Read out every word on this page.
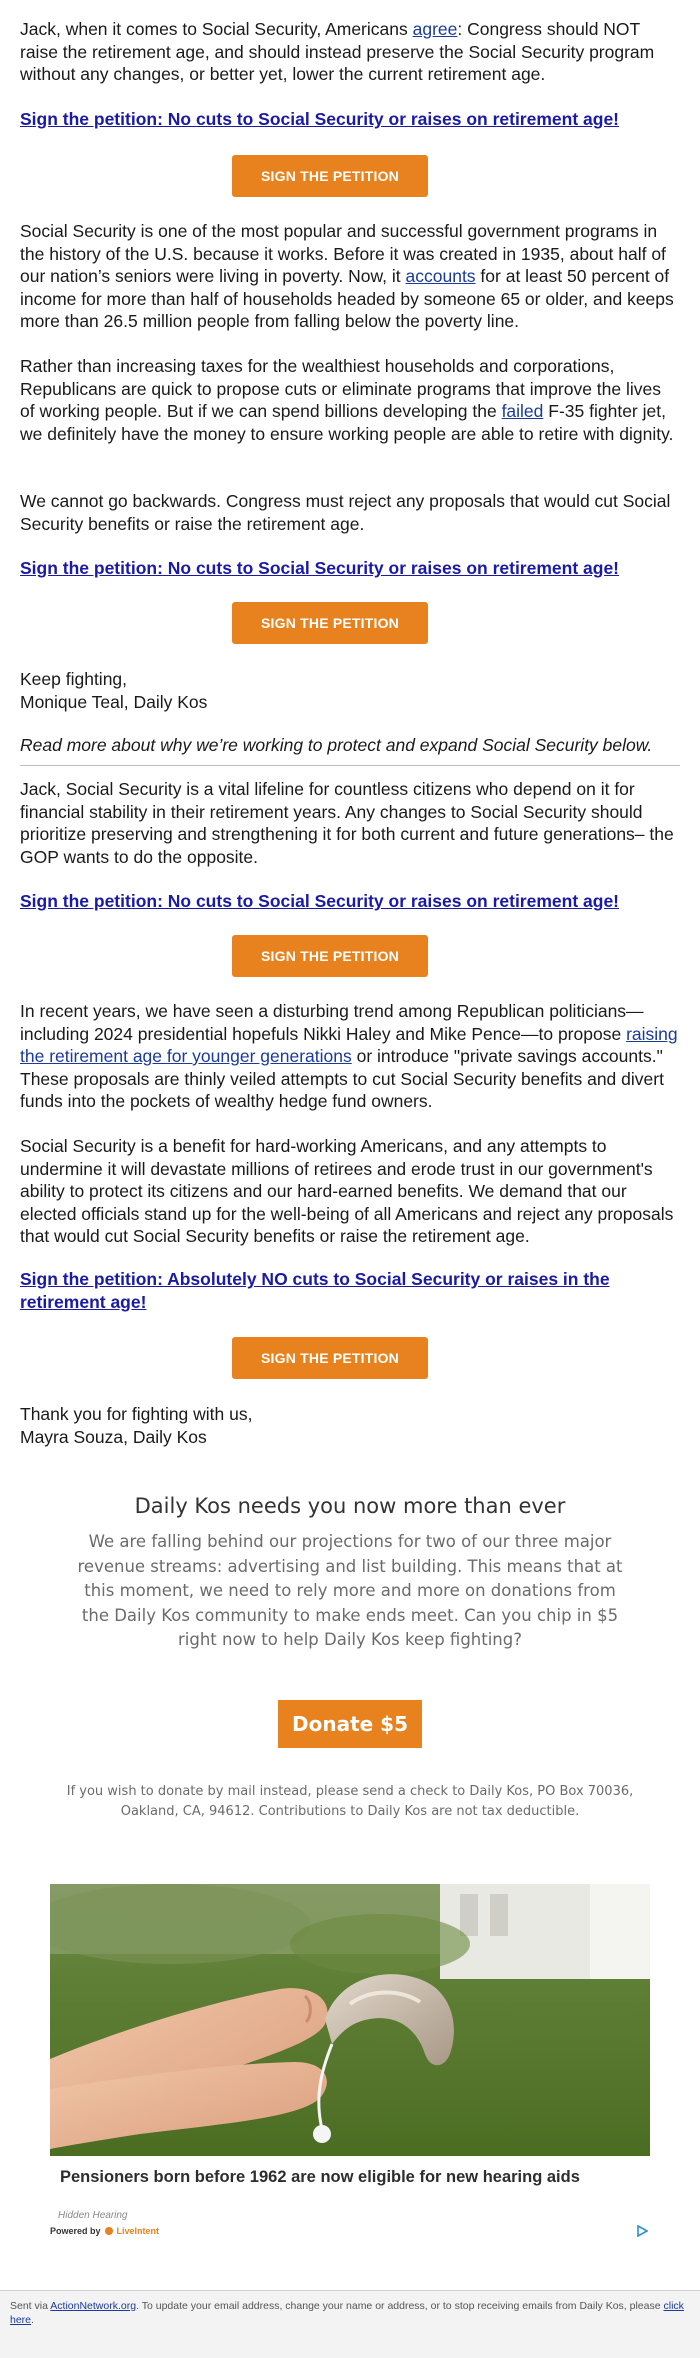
Jack, when it comes to Social Security, Americans agree: Congress should NOT raise the retirement age, and should instead preserve the Social Security program without any changes, or better yet, lower the current retirement age.

Sign the petition: No cuts to Social Security or raises on retirement age!
SIGN THE PETITION

Social Security is one of the most popular and successful government programs in the history of the U.S. because it works. Before it was created in 1935, about half of our nation’s seniors were living in poverty. Now, it accounts for at least 50 percent of income for more than half of households headed by someone 65 or older, and keeps more than 26.5 million people from falling below the poverty line.

Rather than increasing taxes for the wealthiest households and corporations, Republicans are quick to propose cuts or eliminate programs that improve the lives of working people. But if we can spend billions developing the failed F-35 fighter jet, we definitely have the money to ensure working people are able to retire with dignity.

We cannot go backwards. Congress must reject any proposals that would cut Social Security benefits or raise the retirement age.

Sign the petition: No cuts to Social Security or raises on retirement age!
SIGN THE PETITION

Keep fighting,
Monique Teal, Daily Kos

Read more about why we’re working to protect and expand Social Security below.

Jack, Social Security is a vital lifeline for countless citizens who depend on it for financial stability in their retirement years. Any changes to Social Security should prioritize preserving and strengthening it for both current and future generations– the GOP wants to do the opposite.

Sign the petition: No cuts to Social Security or raises on retirement age!
SIGN THE PETITION

In recent years, we have seen a disturbing trend among Republican politicians—including 2024 presidential hopefuls Nikki Haley and Mike Pence—to propose raising the retirement age for younger generations or introduce "private savings accounts." These proposals are thinly veiled attempts to cut Social Security benefits and divert funds into the pockets of wealthy hedge fund owners.

Social Security is a benefit for hard-working Americans, and any attempts to undermine it will devastate millions of retirees and erode trust in our government's ability to protect its citizens and our hard-earned benefits. We demand that our elected officials stand up for the well-being of all Americans and reject any proposals that would cut Social Security benefits or raise the retirement age.

Sign the petition: Absolutely NO cuts to Social Security or raises in the retirement age!
SIGN THE PETITION

Thank you for fighting with us,
Mayra Souza, Daily Kos

Daily Kos needs you now more than ever

We are falling behind our projections for two of our three major revenue streams: advertising and list building. This means that at this moment, we need to rely more and more on donations from the Daily Kos community to make ends meet. Can you chip in $5 right now to help Daily Kos keep fighting?

Donate $5

If you wish to donate by mail instead, please send a check to Daily Kos, PO Box 70036, Oakland, CA, 94612. Contributions to Daily Kos are not tax deductible.

Pensioners born before 1962 are now eligible for new hearing aids
Hidden Hearing
Powered by LiveIntent

Sent via ActionNetwork.org. To update your email address, change your name or address, or to stop receiving emails from Daily Kos, please click here.
